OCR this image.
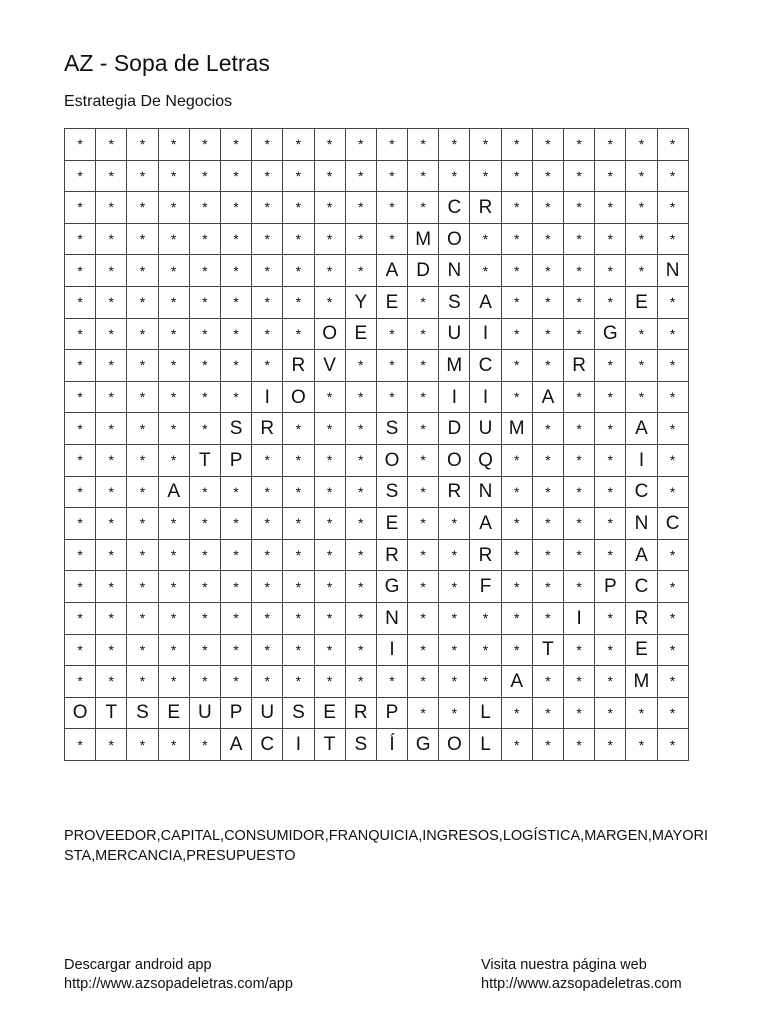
AZ - Sopa de Letras
Estrategia De Negocios
*	*	*	*	*	*	*	*	*	*	*	*	*	*	*	*	*	*	*	*
*	*	*	*	*	*	*	*	*	*	*	*	*	*	*	*	*	*	*	*
*	*	*	*	*	*	*	*	*	*	*	*	C	R	*	*	*	*	*	*
*	*	*	*	*	*	*	*	*	*	*	M	O	*	*	*	*	*	*	*
*	*	*	*	*	*	*	*	*	*	A	D	N	*	*	*	*	*	*	N
*	*	*	*	*	*	*	*	*	Y	E	*	S	A	*	*	*	*	E	*
*	*	*	*	*	*	*	*	O	E	*	*	U	I	*	*	*	G	*	*
*	*	*	*	*	*	*	R	V	*	*	*	M	C	*	*	R	*	*	*
*	*	*	*	*	*	I	O	*	*	*	*	I	I	*	A	*	*	*	*
*	*	*	*	*	S	R	*	*	*	S	*	D	U	M	*	*	*	A	*
*	*	*	*	T	P	*	*	*	*	O	*	O	Q	*	*	*	*	I	*
*	*	*	A	*	*	*	*	*	*	S	*	R	N	*	*	*	*	C	*
*	*	*	*	*	*	*	*	*	*	E	*	*	A	*	*	*	*	N	C
*	*	*	*	*	*	*	*	*	*	R	*	*	R	*	*	*	*	A	*
*	*	*	*	*	*	*	*	*	*	G	*	*	F	*	*	*	P	C	*
*	*	*	*	*	*	*	*	*	*	N	*	*	*	*	*	I	*	R	*
*	*	*	*	*	*	*	*	*	*	I	*	*	*	*	T	*	*	E	*
*	*	*	*	*	*	*	*	*	*	*	*	*	*	A	*	*	*	M	*
O	T	S	E	U	P	U	S	E	R	P	*	*	L	*	*	*	*	*	*
*	*	*	*	*	A	C	I	T	S	Í	G	O	L	*	*	*	*	*	*
PROVEEDOR,CAPITAL,CONSUMIDOR,FRANQUICIA,INGRESOS,LOGÍSTICA,MARGEN,MAYORISTA,MERCANCIA,PRESUPUESTO
Descargar android app
http://www.azsopadeletras.com/app
Visita nuestra página web
http://www.azsopadeletras.com
